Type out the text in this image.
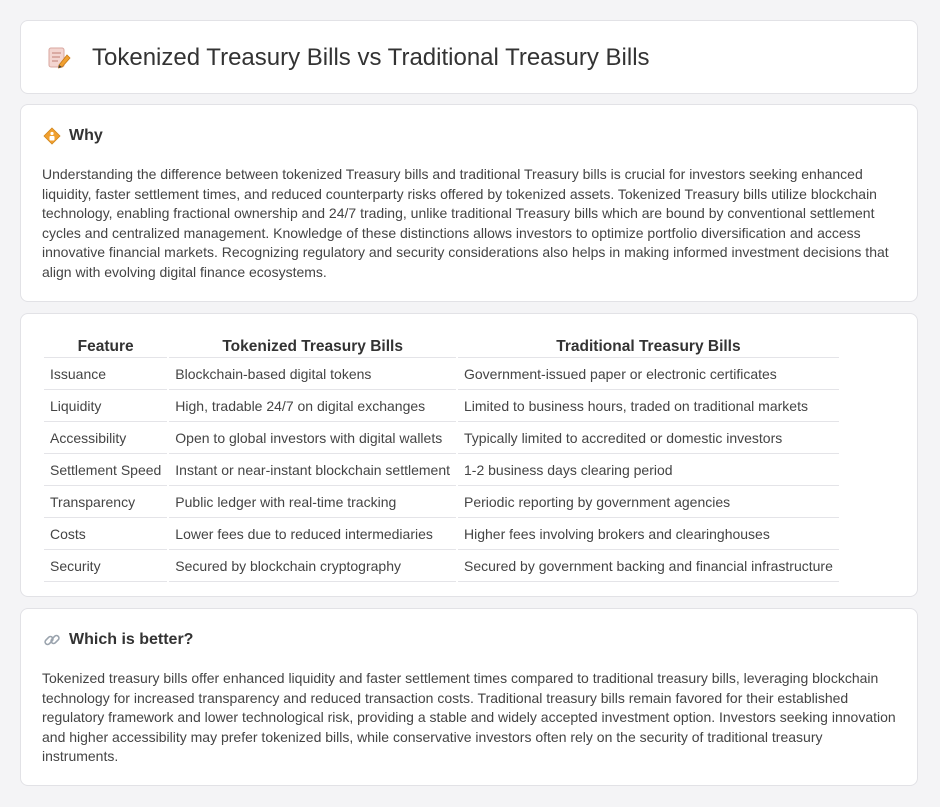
Tokenized Treasury Bills vs Traditional Treasury Bills
Why

Understanding the difference between tokenized Treasury bills and traditional Treasury bills is crucial for investors seeking enhanced liquidity, faster settlement times, and reduced counterparty risks offered by tokenized assets. Tokenized Treasury bills utilize blockchain technology, enabling fractional ownership and 24/7 trading, unlike traditional Treasury bills which are bound by conventional settlement cycles and centralized management. Knowledge of these distinctions allows investors to optimize portfolio diversification and access innovative financial markets. Recognizing regulatory and security considerations also helps in making informed investment decisions that align with evolving digital finance ecosystems.

Feature	Tokenized Treasury Bills	Traditional Treasury Bills
Issuance	Blockchain-based digital tokens	Government-issued paper or electronic certificates
Liquidity	High, tradable 24/7 on digital exchanges	Limited to business hours, traded on traditional markets
Accessibility	Open to global investors with digital wallets	Typically limited to accredited or domestic investors
Settlement Speed	Instant or near-instant blockchain settlement	1-2 business days clearing period
Transparency	Public ledger with real-time tracking	Periodic reporting by government agencies
Costs	Lower fees due to reduced intermediaries	Higher fees involving brokers and clearinghouses
Security	Secured by blockchain cryptography	Secured by government backing and financial infrastructure
Which is better?

Tokenized treasury bills offer enhanced liquidity and faster settlement times compared to traditional treasury bills, leveraging blockchain technology for increased transparency and reduced transaction costs. Traditional treasury bills remain favored for their established regulatory framework and lower technological risk, providing a stable and widely accepted investment option. Investors seeking innovation and higher accessibility may prefer tokenized bills, while conservative investors often rely on the security of traditional treasury instruments.
